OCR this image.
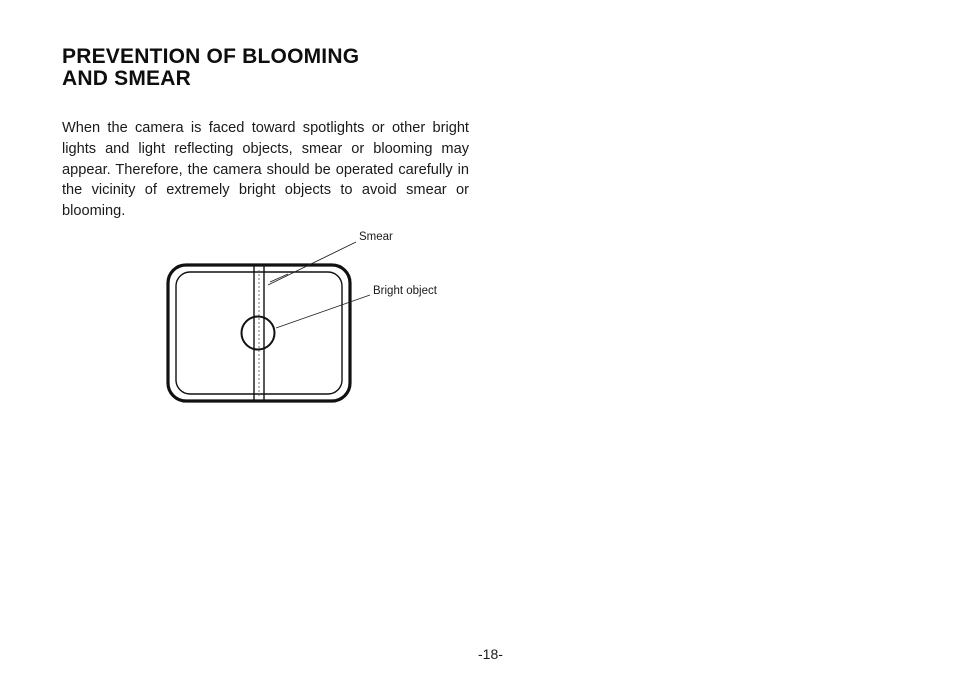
PREVENTION OF BLOOMING
AND SMEAR

When the camera is faced toward spotlights or other bright lights and light reflecting objects, smear or blooming may appear. Therefore, the camera should be operated carefully in the vicinity of extremely bright objects to avoid smear or blooming.

Smear
Bright object
-18-
